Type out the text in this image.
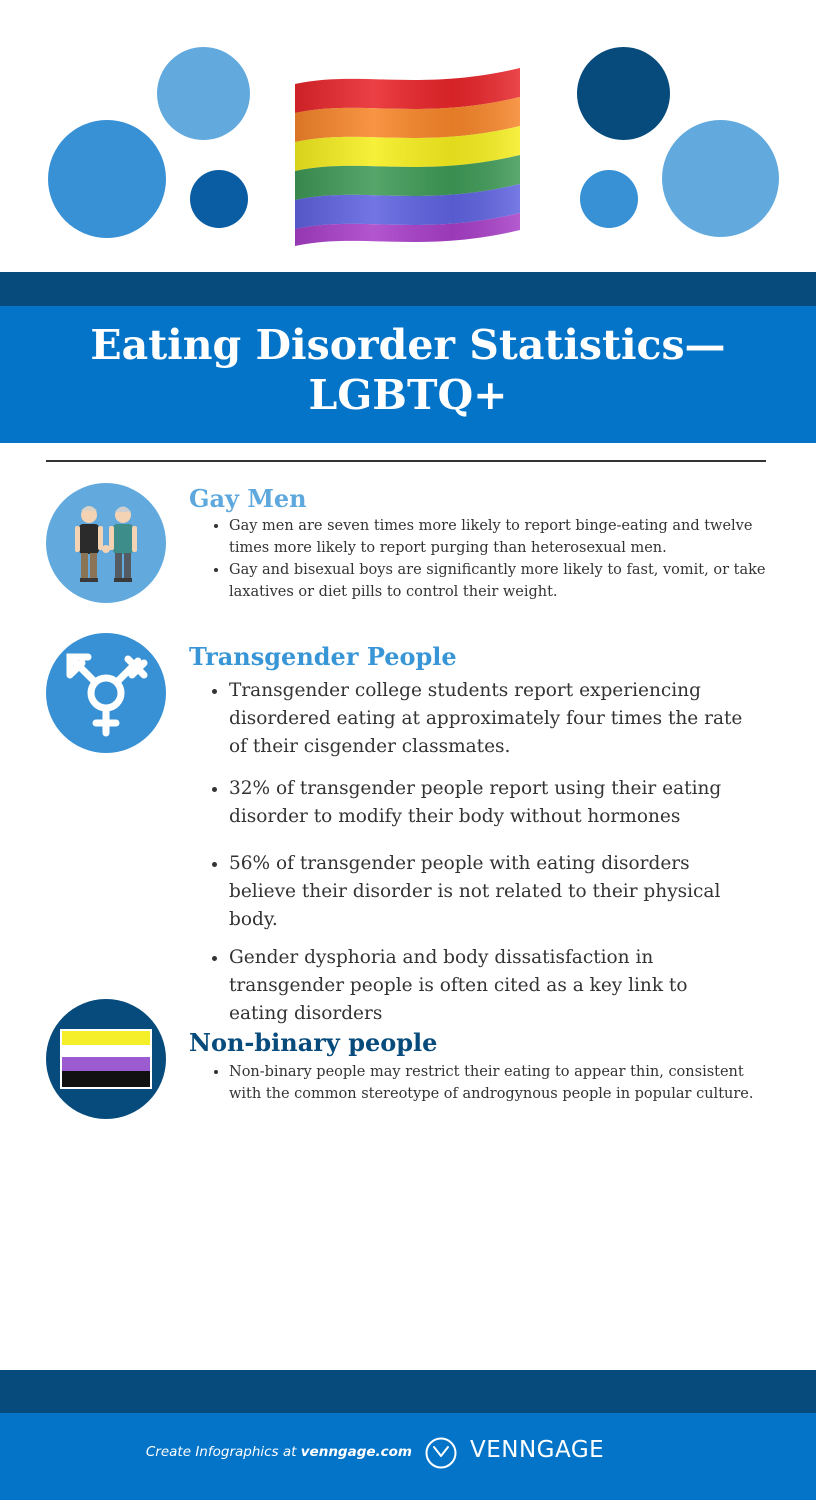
Eating Disorder Statistics—LGBTQ+
Gay Men
• Gay men are seven times more likely to report binge-eating and twelve times more likely to report purging than heterosexual men.
• Gay and bisexual boys are significantly more likely to fast, vomit, or take laxatives or diet pills to control their weight.
Transgender People
• Transgender college students report experiencing disordered eating at approximately four times the rate of their cisgender classmates.
• 32% of transgender people report using their eating disorder to modify their body without hormones
• 56% of transgender people with eating disorders believe their disorder is not related to their physical body.
• Gender dysphoria and body dissatisfaction in transgender people is often cited as a key link to eating disorders
Non-binary people
• Non-binary people may restrict their eating to appear thin, consistent with the common stereotype of androgynous people in popular culture.
Create Infographics at venngage.com	VENNGAGE
